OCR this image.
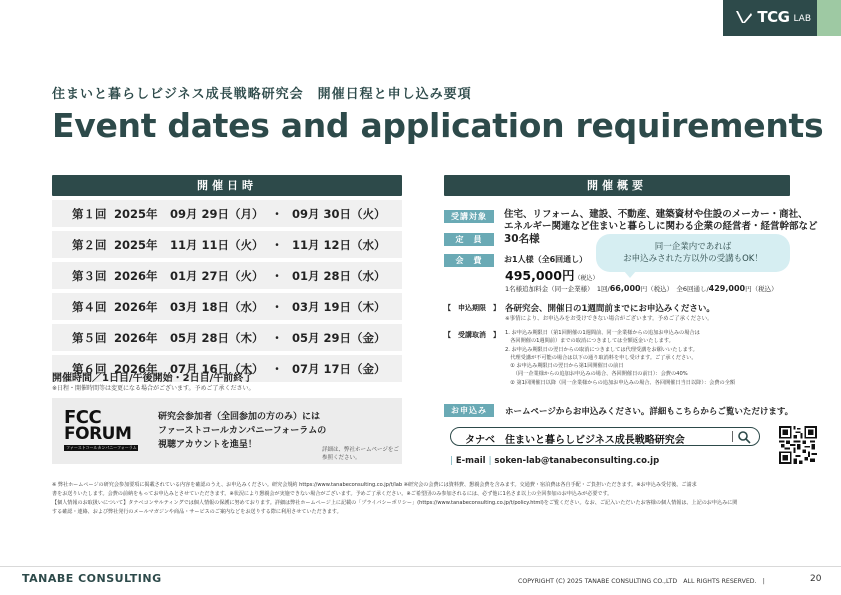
TCG LAB
住まいと暮らしビジネス成長戦略研究会　開催日程と申し込み要項
Event dates and application requirements
開催日時
第１回 2025年	09月 29日（月） ・ 09月 30日（火）
第２回 2025年	11月 11日（火） ・ 11月 12日（水）
第３回 2026年	01月 27日（火） ・ 01月 28日（水）
第４回 2026年	03月 18日（水） ・ 03月 19日（木）
第５回 2026年	05月 28日（木） ・ 05月 29日（金）
第６回 2026年	07月 16日（木） ・ 07月 17日（金）
開催時間／1日目/午後開始・2日目/午前終了
※日程・開催時間等は変更になる場合がございます。予めご了承ください。
FCC
FORUM
ファーストコールカンパニーフォーラム
研究会参加者（全回参加の方のみ）には
ファーストコールカンパニーフォーラムの
視聴アカウントを進呈！	詳細は、弊社ホームページをご参照ください。
開催概要
受講対象	住宅、リフォーム、建設、不動産、建築資材や住設のメーカー・商社、
エネルギー関連など住まいと暮らしに関わる企業の経営者・経営幹部など
定　員	30名様
会　費	お1人様（全6回通し）
同一企業内であれば
お申込みされた方以外の受講もOK！
495,000円（税込）
1名様追加料金（同一企業様）　1回/66,000円（税込）　全6回通し/429,000円（税込）
【　申込期限　】 各研究会、開催日の1週間前までにお申込みください。
※事情により、お申込みをお受けできない場合がございます。予めご了承ください。
【　受講取消　】 1. お申込み期限日（第1回開催の1週間前、同一企業様からの追加お申込みの場合は
　各回開催の1週間前）までの取消につきましては全額返金いたします。
2. お申込み期限日の翌日からの取消につきましては代理受講をお願いいたします。
　代理受講が不可能の場合は以下の通り取消料を申し受けます。ご了承ください。
　① お申込み期限日の翌日から第1回開催日の前日
　　（同一企業様からの追加お申込みの場合、各回開催日の前日）：会費の40%
　② 第1回開催日以降（同一企業様からの追加お申込みの場合、各回開催日当日以降）：会費の全額
お申込み	ホームページからお申込みください。詳細もこちらからご覧いただけます。
タナベ　住まいと暮らしビジネス成長戦略研究会
| E-mail | soken-lab@tanabeconsulting.co.jp
※ 弊社ホームページの研究会参加要項に掲載されている内容を確認のうえ、お申込みください。研究会規約 https://www.tanabeconsulting.co.jp/t/lab ※研究会の会費には資料費、懇親会費を含みます。交通費・宿泊費は各自手配・ご負担いただきます。※お申込み受付後、ご請求
書をお送りいたします。会費の前納をもってお申込みとさせていただきます。※状況により懇親会が実施できない場合がございます。予めご了承ください。※ご希望団のみ参加されるには、必ず他に1名さま以上の全回参加のお申込みが必要です。
【個人情報のお取扱いについて】タナベコンサルティングでは個人情報の保護に努めております。詳細は弊社ホームページ上に記載の「プライバシーポリシー」(https://www.tanabeconsulting.co.jp/t/policy.html)をご覧ください。なお、ご記入いただいたお客様の個人情報は、上記のお申込みに関
する確認・連絡、および弊社発行のメールマガジンや商品・サービスのご案内などをお送りする際に利用させていただきます。
TANABE CONSULTING	COPYRIGHT (C) 2025 TANABE CONSULTING CO.,LTD　ALL RIGHTS RESERVED.　|	20
